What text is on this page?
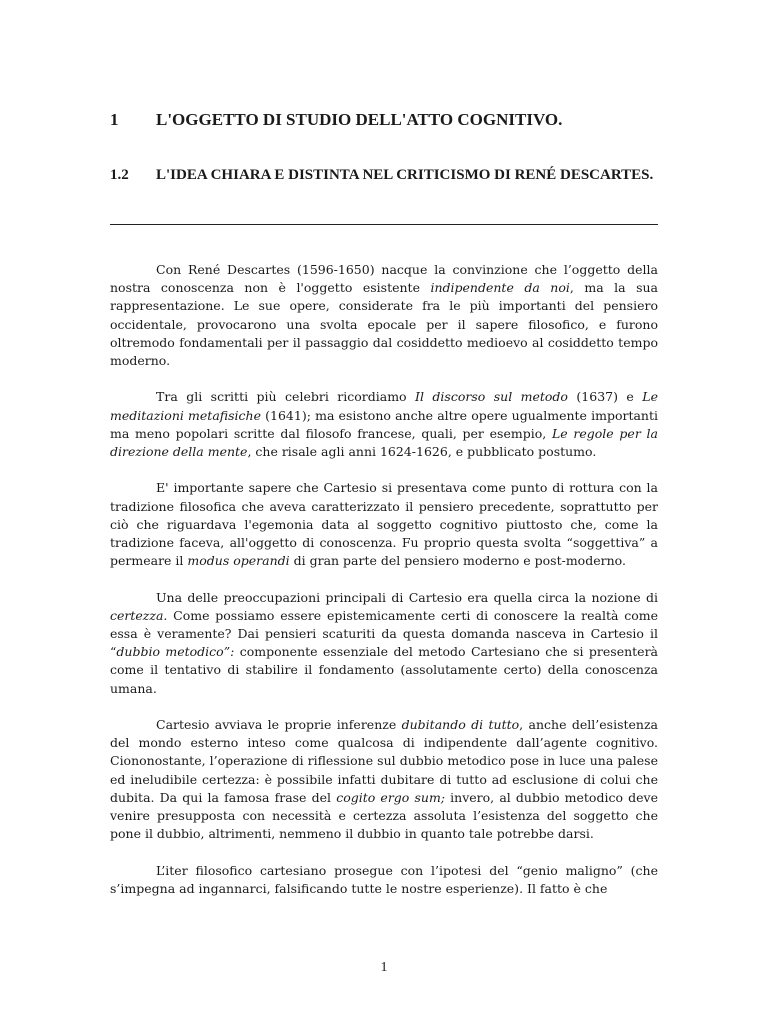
1 L'OGGETTO DI STUDIO DELL'ATTO COGNITIVO.
1.2 L'IDEA CHIARA E DISTINTA NEL CRITICISMO DI RENÉ DESCARTES.

Con René Descartes (1596-1650) nacque la convinzione che l’oggetto della nostra conoscenza non è l'oggetto esistente indipendente da noi, ma la sua rappresentazione. Le sue opere, considerate fra le più importanti del pensiero occidentale, provocarono una svolta epocale per il sapere filosofico, e furono oltremodo fondamentali per il passaggio dal cosiddetto medioevo al cosiddetto tempo moderno.

Tra gli scritti più celebri ricordiamo Il discorso sul metodo (1637) e Le meditazioni metafisiche (1641); ma esistono anche altre opere ugualmente importanti ma meno popolari scritte dal filosofo francese, quali, per esempio, Le regole per la direzione della mente, che risale agli anni 1624-1626, e pubblicato postumo.

E' importante sapere che Cartesio si presentava come punto di rottura con la tradizione filosofica che aveva caratterizzato il pensiero precedente, soprattutto per ciò che riguardava l'egemonia data al soggetto cognitivo piuttosto che, come la tradizione faceva, all'oggetto di conoscenza. Fu proprio questa svolta “soggettiva” a permeare il modus operandi di gran parte del pensiero moderno e post-moderno.

Una delle preoccupazioni principali di Cartesio era quella circa la nozione di certezza. Come possiamo essere epistemicamente certi di conoscere la realtà come essa è veramente? Dai pensieri scaturiti da questa domanda nasceva in Cartesio il “dubbio metodico”: componente essenziale del metodo Cartesiano che si presenterà come il tentativo di stabilire il fondamento (assolutamente certo) della conoscenza umana.

Cartesio avviava le proprie inferenze dubitando di tutto, anche dell’esistenza del mondo esterno inteso come qualcosa di indipendente dall’agente cognitivo. Ciononostante, l’operazione di riflessione sul dubbio metodico pose in luce una palese ed ineludibile certezza: è possibile infatti dubitare di tutto ad esclusione di colui che dubita. Da qui la famosa frase del cogito ergo sum; invero, al dubbio metodico deve venire presupposta con necessità e certezza assoluta l’esistenza del soggetto che pone il dubbio, altrimenti, nemmeno il dubbio in quanto tale potrebbe darsi.

L’iter filosofico cartesiano prosegue con l’ipotesi del “genio maligno” (che s’impegna ad ingannarci, falsificando tutte le nostre esperienze). Il fatto è che

1
